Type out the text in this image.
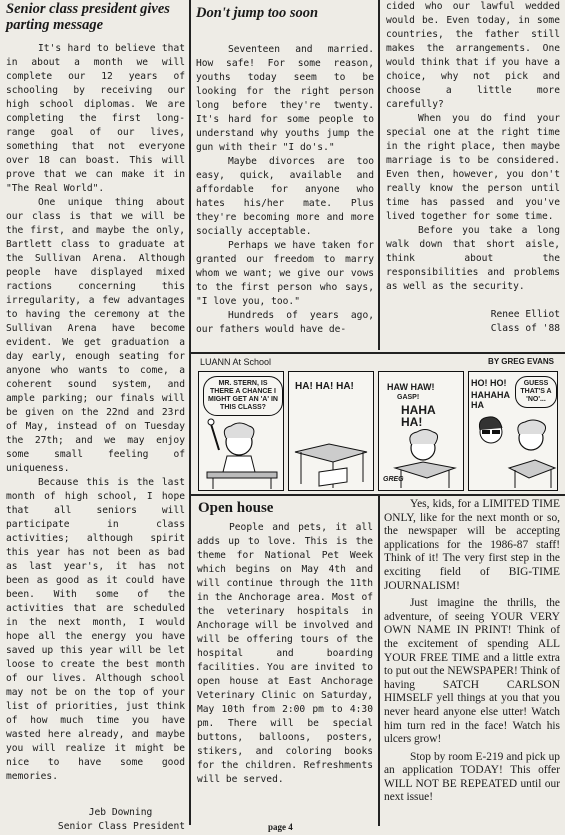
Senior class president gives parting message

It's hard to believe that in about a month we will complete our 12 years of schooling by receiving our high school diplomas. We are completing the first long-range goal of our lives, something that not everyone over 18 can boast. This will prove that we can make it in "The Real World".

One unique thing about our class is that we will be the first, and maybe the only, Bartlett class to graduate at the Sullivan Arena. Although people have displayed mixed ractions concerning this irregularity, a few advantages to having the ceremony at the Sullivan Arena have become evident. We get graduation a day early, enough seating for anyone who wants to come, a coherent sound system, and ample parking; our finals will be given on the 22nd and 23rd of May, instead of on Tuesday the 27th; and we may enjoy some small feeling of uniqueness.

Because this is the last month of high school, I hope that all seniors will participate in class activities; although spirit this year has not been as bad as last year's, it has not been as good as it could have been. With some of the activities that are scheduled in the next month, I would hope all the energy you have saved up this year will be let loose to create the best month of our lives. Although school may not be on the top of your list of priorities, just think of how much time you have wasted here already, and maybe you will realize it might be nice to have some good memories.

Jeb Downing

Senior Class President

Don't jump too soon

Seventeen and married. How safe! For some reason, youths today seem to be looking for the right person long before they're twenty. It's hard for some people to understand why youths jump the gun with their "I do's."

Maybe divorces are too easy, quick, available and affordable for anyone who hates his/her mate. Plus they're becoming more and more socially acceptable.

Perhaps we have taken for granted our freedom to marry whom we want; we give our vows to the first person who says, "I love you, too."

Hundreds of years ago, our fathers would have de-

cided who our lawful wedded would be. Even today, in some countries, the father still makes the arrangements. One would think that if you have a choice, why not pick and choose a little more carefully?

When you do find your special one at the right time in the right place, then maybe marriage is to be considered. Even then, however, you don't really know the person until time has passed and you've lived together for some time.

Before you take a long walk down that short aisle, think about the responsibilities and problems as well as the security.

Renee Elliot

Class of '88

LUANN At School	BY GREG EVANS
MR. STERN, IS THERE A CHANCE I MIGHT GET AN 'A' IN THIS CLASS?
HA! HA! HA!	HAW HAW!
GASP!
HAHA HA!
GREG
HO! HO!
HAHAHA HA
GUESS THAT'S A 'NO'...
Open house

People and pets, it all adds up to love. This is the theme for National Pet Week which begins on May 4th and will continue through the 11th in the Anchorage area. Most of the veterinary hospitals in Anchorage will be involved and will be offering tours of the hospital and boarding facilities. You are invited to open house at East Anchorage Veterinary Clinic on Saturday, May 10th from 2:00 pm to 4:30 pm. There will be special buttons, balloons, posters, stikers, and coloring books for the children. Refreshments will be served.

Yes, kids, for a LIMITED TIME ONLY, like for the next month or so, the newspaper will be accepting applications for the 1986-87 staff! Think of it! The very first step in the exciting field of BIG-TIME JOURNALISM!

Just imagine the thrills, the adventure, of seeing YOUR VERY OWN NAME IN PRINT! Think of the excitement of spending ALL YOUR FREE TIME and a little extra to put out the NEWSPAPER! Think of having SATCH CARLSON HIMSELF yell things at you that you never heard anyone else utter! Watch him turn red in the face! Watch his ulcers grow!

Stop by room E-219 and pick up an application TODAY! This offer WILL NOT BE REPEATED until our next issue!

page 4
